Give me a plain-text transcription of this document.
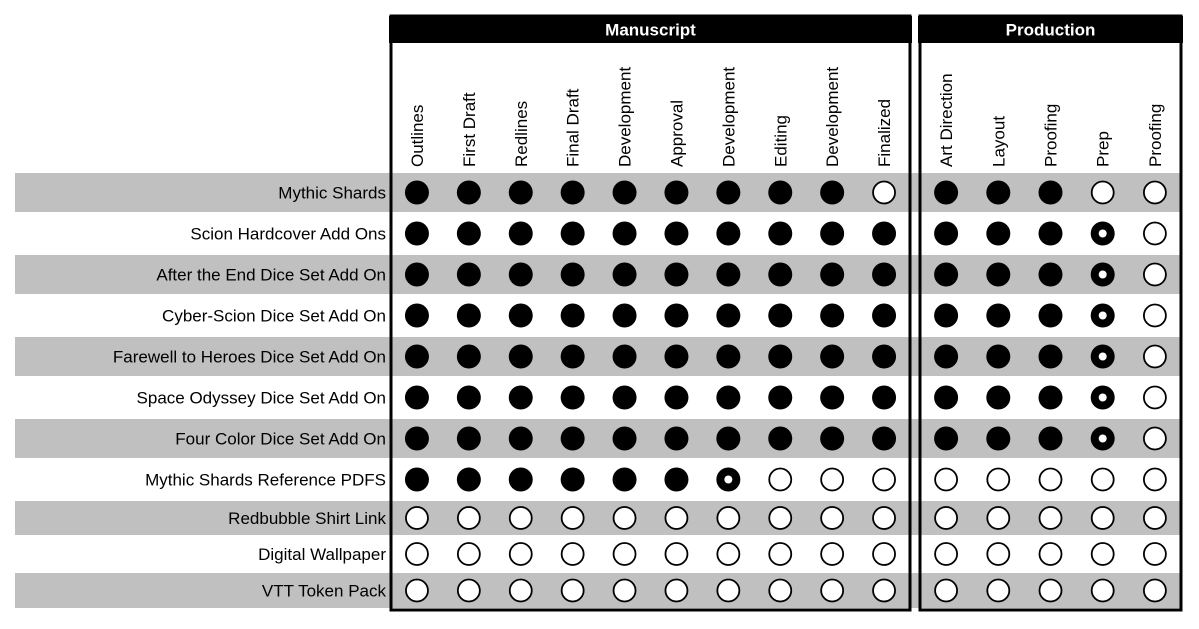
Manuscript	Production
Outlines First Draft Redlines Final Draft Development Approval Development Editing Development Finalized	Art Direction Layout Proofing Prep Proofing
Mythic Shards
Scion Hardcover Add Ons
After the End Dice Set Add On
Cyber-Scion Dice Set Add On
Farewell to Heroes Dice Set Add On
Space Odyssey Dice Set Add On
Four Color Dice Set Add On
Mythic Shards Reference PDFS
Redbubble Shirt Link
Digital Wallpaper
VTT Token Pack
